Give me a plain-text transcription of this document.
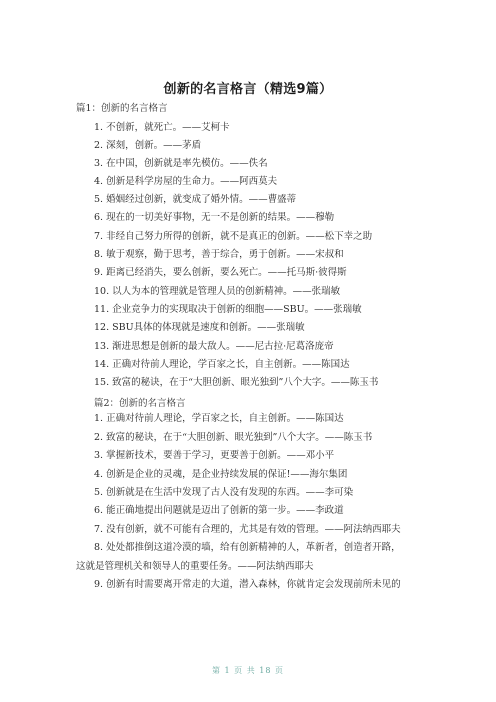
创新的名言格言（精选9篇）
篇1：创新的名言格言
1. 不创新，就死亡。——艾柯卡
2. 深刻，创新。——茅盾
3. 在中国，创新就是率先模仿。——佚名
4. 创新是科学房屋的生命力。——阿西莫夫
5. 婚姻经过创新，就变成了婚外情。——曹盛蒂
6. 现在的一切美好事物，无一不是创新的结果。——穆勒
7. 非经自己努力所得的创新，就不是真正的创新。——松下幸之助
8. 敏于观察，勤于思考，善于综合，勇于创新。——宋叔和
9. 距离已经消失，要么创新，要么死亡。——托马斯·彼得斯
10. 以人为本的管理就是管理人员的创新精神。——张瑞敏
11. 企业竞争力的实现取决于创新的细胞——SBU。——张瑞敏
12. SBU具体的体现就是速度和创新。——张瑞敏
13. 渐进思想是创新的最大敌人。——尼古拉·尼葛洛庞帝
14. 正确对待前人理论，学百家之长，自主创新。——陈国达
15. 致富的秘诀，在于“大胆创新、眼光独到”八个大字。——陈玉书
篇2：创新的名言格言
1. 正确对待前人理论，学百家之长，自主创新。——陈国达
2. 致富的秘诀，在于“大胆创新、眼光独到”八个大字。——陈玉书
3. 掌握新技术，要善于学习，更要善于创新。——邓小平
4. 创新是企业的灵魂，是企业持续发展的保证!——海尔集团
5. 创新就是在生活中发现了古人没有发现的东西。——李可染
6. 能正确地提出问题就是迈出了创新的第一步。——李政道
7. 没有创新，就不可能有合理的，尤其是有效的管理。——阿法纳西耶夫
8. 处处都推倒这道冷漠的墙，给有创新精神的人，革新者，创造者开路，
这就是管理机关和领导人的重要任务。——阿法纳西耶夫
9. 创新有时需要离开常走的大道，潜入森林，你就肯定会发现前所未见的
第 1 页 共 18 页
